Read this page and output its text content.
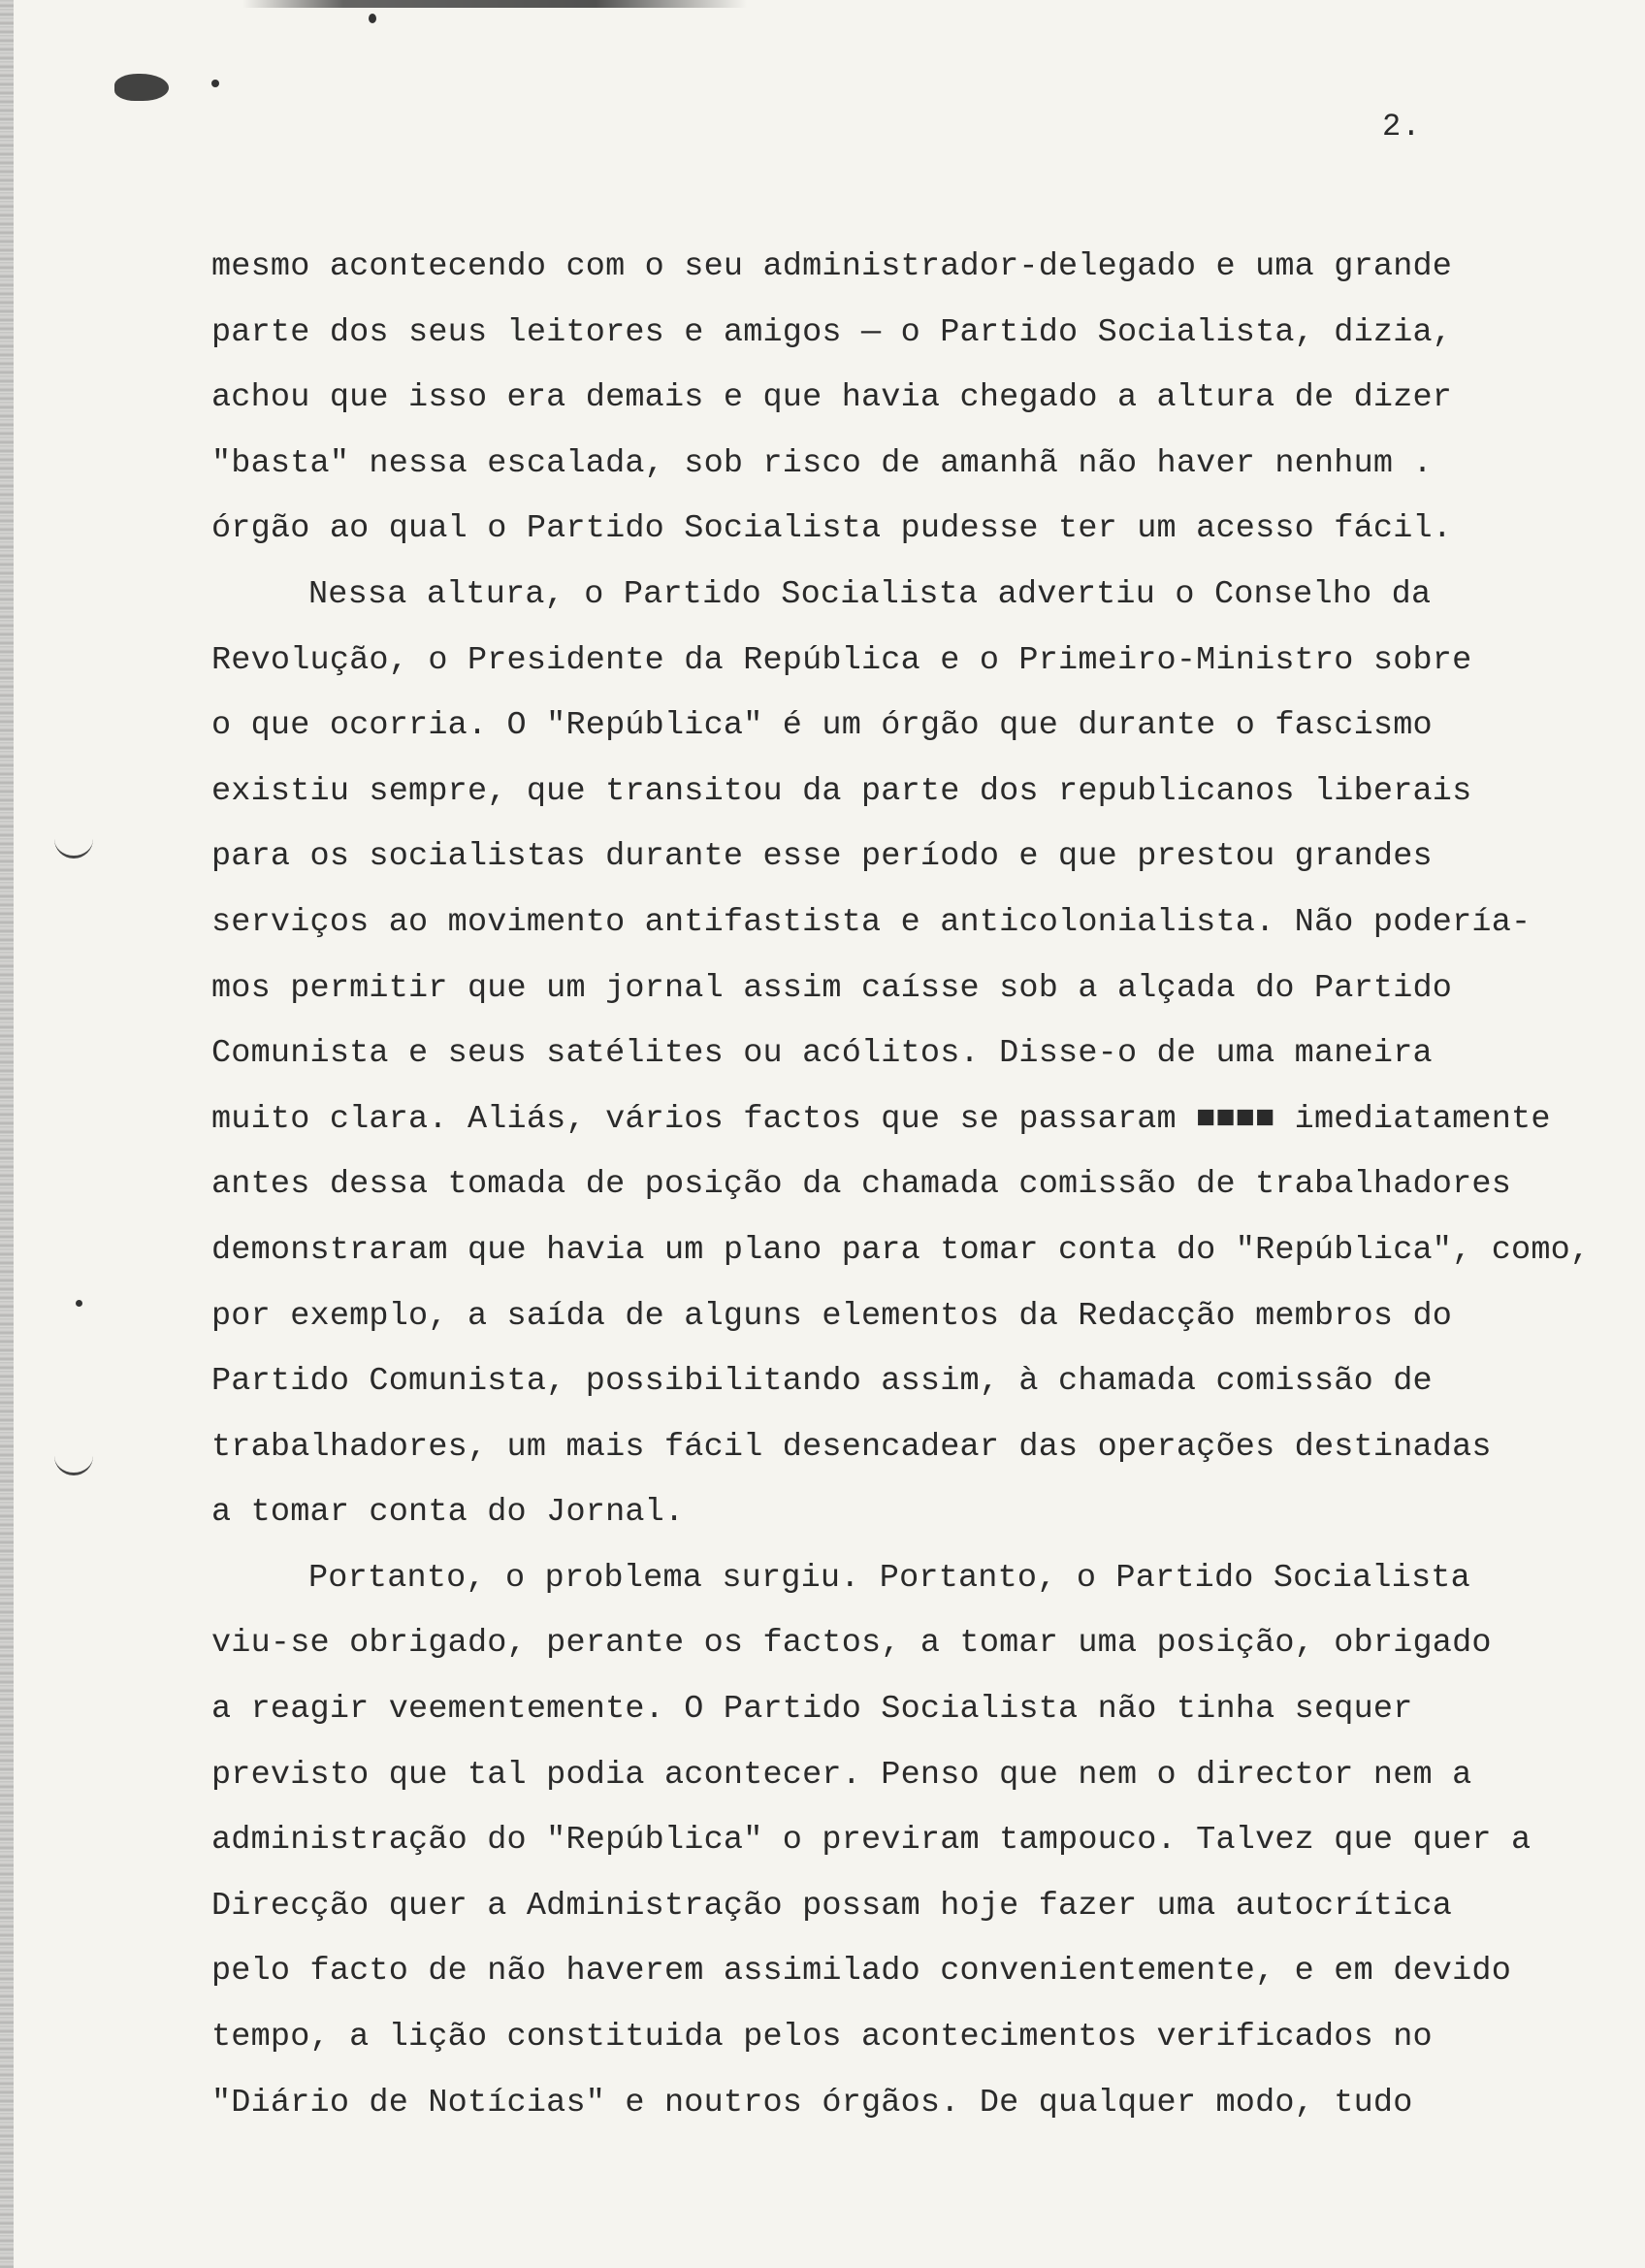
2.
mesmo acontecendo com o seu administrador-delegado e uma grande
parte dos seus leitores e amigos — o Partido Socialista, dizia,
achou que isso era demais e que havia chegado a altura de dizer
"basta" nessa escalada, sob risco de amanhã não haver nenhum .
órgão ao qual o Partido Socialista pudesse ter um acesso fácil.
Nessa altura, o Partido Socialista advertiu o Conselho da
Revolução, o Presidente da República e o Primeiro-Ministro sobre
o que ocorria. O "República" é um órgão que durante o fascismo
existiu sempre, que transitou da parte dos republicanos liberais
para os socialistas durante esse período e que prestou grandes
serviços ao movimento antifastista e anticolonialista. Não podería-
mos permitir que um jornal assim caísse sob a alçada do Partido
Comunista e seus satélites ou acólitos. Disse-o de uma maneira
muito clara. Aliás, vários factos que se passaram ■■■■ imediatamente
antes dessa tomada de posição da chamada comissão de trabalhadores
demonstraram que havia um plano para tomar conta do "República", como,
por exemplo, a saída de alguns elementos da Redacção membros do
Partido Comunista, possibilitando assim, à chamada comissão de
trabalhadores, um mais fácil desencadear das operações destinadas
a tomar conta do Jornal.
Portanto, o problema surgiu. Portanto, o Partido Socialista
viu-se obrigado, perante os factos, a tomar uma posição, obrigado
a reagir veementemente. O Partido Socialista não tinha sequer
previsto que tal podia acontecer. Penso que nem o director nem a
administração do "República" o previram tampouco. Talvez que quer a
Direcção quer a Administração possam hoje fazer uma autocrítica
pelo facto de não haverem assimilado convenientemente, e em devido
tempo, a lição constituida pelos acontecimentos verificados no
"Diário de Notícias" e noutros órgãos. De qualquer modo, tudo
